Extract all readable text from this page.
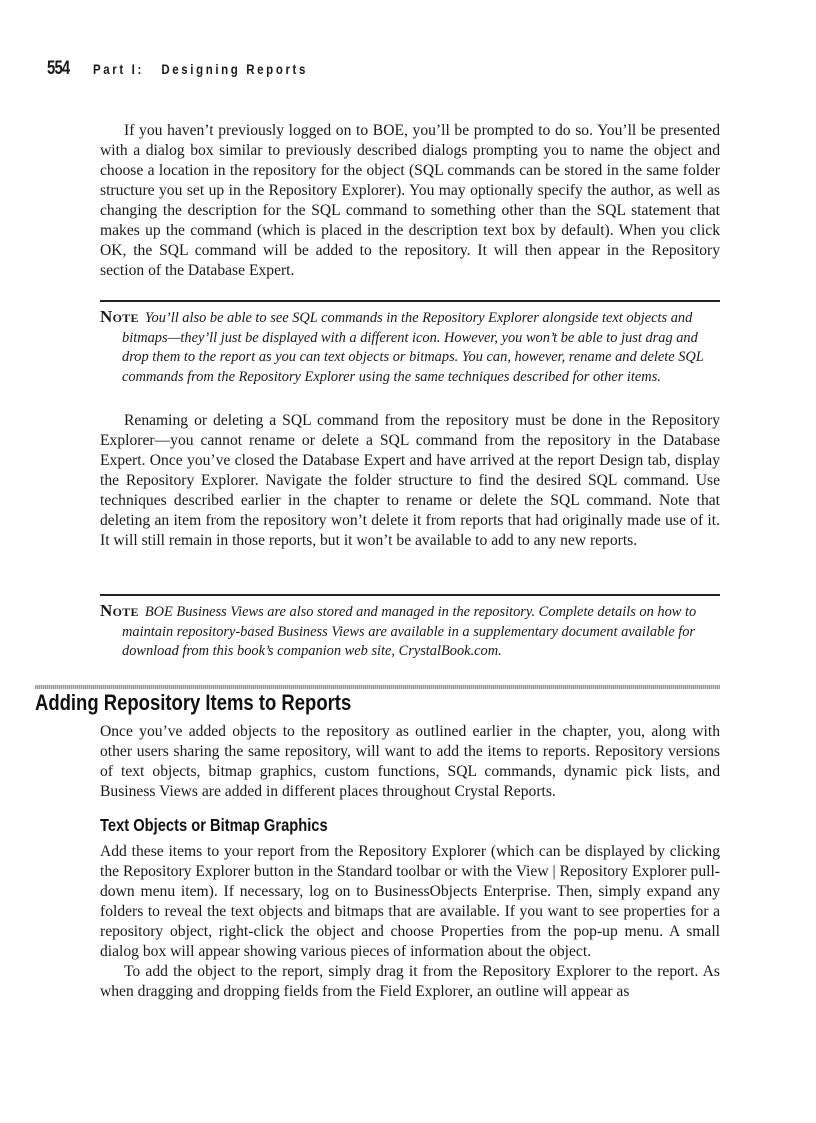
554 Part I:   Designing Reports

If you haven’t previously logged on to BOE, you’ll be prompted to do so. You’ll be presented with a dialog box similar to previously described dialogs prompting you to name the object and choose a location in the repository for the object (SQL commands can be stored in the same folder structure you set up in the Repository Explorer). You may optionally specify the author, as well as changing the description for the SQL command to something other than the SQL statement that makes up the command (which is placed in the description text box by default). When you click OK, the SQL command will be added to the repository. It will then appear in the Repository section of the Database Expert.

NOTE You’ll also be able to see SQL commands in the Repository Explorer alongside text objects and bitmaps—they’ll just be displayed with a different icon. However, you won’t be able to just drag and drop them to the report as you can text objects or bitmaps. You can, however, rename and delete SQL commands from the Repository Explorer using the same techniques described for other items.

Renaming or deleting a SQL command from the repository must be done in the Repository Explorer—you cannot rename or delete a SQL command from the repository in the Database Expert. Once you’ve closed the Database Expert and have arrived at the report Design tab, display the Repository Explorer. Navigate the folder structure to find the desired SQL command. Use techniques described earlier in the chapter to rename or delete the SQL command. Note that deleting an item from the repository won’t delete it from reports that had originally made use of it. It will still remain in those reports, but it won’t be available to add to any new reports.

NOTE BOE Business Views are also stored and managed in the repository. Complete details on how to maintain repository-based Business Views are available in a supplementary document available for download from this book’s companion web site, CrystalBook.com.

Adding Repository Items to Reports

Once you’ve added objects to the repository as outlined earlier in the chapter, you, along with other users sharing the same repository, will want to add the items to reports. Repository versions of text objects, bitmap graphics, custom functions, SQL commands, dynamic pick lists, and Business Views are added in different places throughout Crystal Reports.

Text Objects or Bitmap Graphics

Add these items to your report from the Repository Explorer (which can be displayed by clicking the Repository Explorer button in the Standard toolbar or with the View | Repository Explorer pull-down menu item). If necessary, log on to BusinessObjects Enterprise. Then, simply expand any folders to reveal the text objects and bitmaps that are available. If you want to see properties for a repository object, right-click the object and choose Properties from the pop-up menu. A small dialog box will appear showing various pieces of information about the object.

To add the object to the report, simply drag it from the Repository Explorer to the report. As when dragging and dropping fields from the Field Explorer, an outline will appear as
